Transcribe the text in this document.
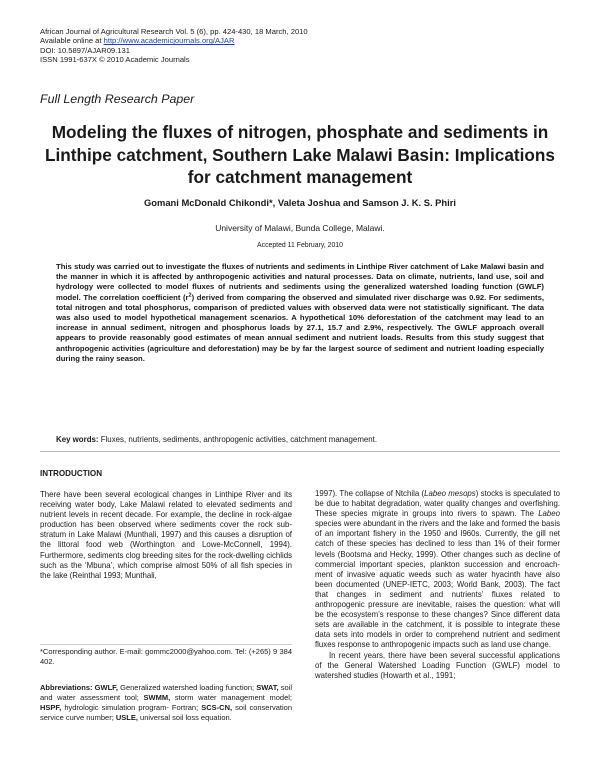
African Journal of Agricultural Research Vol. 5 (6), pp. 424-430, 18 March, 2010
Available online at http://www.academicjournals.org/AJAR
DOI: 10.5897/AJAR09.131
ISSN 1991-637X © 2010 Academic Journals
Full Length Research Paper
Modeling the fluxes of nitrogen, phosphate and sediments in Linthipe catchment, Southern Lake Malawi Basin: Implications for catchment management
Gomani McDonald Chikondi*, Valeta Joshua and Samson J. K. S. Phiri
University of Malawi, Bunda College, Malawi.
Accepted 11 February, 2010
This study was carried out to investigate the fluxes of nutrients and sediments in Linthipe River catchment of Lake Malawi basin and the manner in which it is affected by anthropogenic activities and natural processes. Data on climate, nutrients, land use, soil and hydrology were collected to model fluxes of nutrients and sediments using the generalized watershed loading function (GWLF) model. The correlation coefficient $(r^2)$ derived from comparing the observed and simulated river discharge was 0.92. For sediments, total nitrogen and total phosphorus, comparison of predicted values with observed data were not statistically significant. The data was also used to model hypothetical management scenarios. A hypothetical 10% deforestation of the catchment may lead to an increase in annual sediment, nitrogen and phosphorus loads by 27.1, 15.7 and 2.9%, respectively. The GWLF approach overall appears to provide reasonably good estimates of mean annual sediment and nutrient loads. Results from this study suggest that anthropogenic activities (agriculture and deforestation) may be by far the largest source of sediment and nutrient loading especially during the rainy season.
Key words: Fluxes, nutrients, sediments, anthropogenic activities, catchment management.
INTRODUCTION

There have been several ecological changes in Linthipe River and its receiving water body, Lake Malawi related to elevated sediments and nutrient levels in recent decade. For example, the decline in rock-algae production has been observed where sediments cover the rock sub-stratum in Lake Malawi (Munthali, 1997) and this causes a disruption of the littoral food web (Worthington and Lowe-McConnell, 1994). Furthermore, sediments clog breeding sites for the rock-dwelling cichlids such as the ‘Mbuna’, which comprise almost 50% of all fish species in the lake (Reinthal 1993; Munthali,

*Corresponding author. E-mail: gommc2000@yahoo.com. Tel: (+265) 9 384 402.
Abbreviations: GWLF, Generalized watershed loading function; SWAT, soil and water assessment tool; SWMM, storm water management model; HSPF, hydrologic simulation program- Fortran; SCS-CN, soil conservation service curve number; USLE, universal soil loss equation.

1997). The collapse of Ntchila (Labeo mesops) stocks is speculated to be due to habitat degradation, water quality changes and overfishing. These species migrate in groups into rivers to spawn. The Labeo species were abundant in the rivers and the lake and formed the basis of an important fishery in the 1950 and l960s. Currently, the gill net catch of these species has declined to less than 1% of their former levels (Bootsma and Hecky, 1999). Other changes such as decline of commercial important species, plankton succession and encroach-ment of invasive aquatic weeds such as water hyacinth have also been documented (UNEP-IETC, 2003; World Bank, 2003). The fact that changes in sediment and nutrients’ fluxes related to anthropogenic pressure are inevitable, raises the question: what will be the ecosystem’s response to these changes? Since different data sets are available in the catchment, it is possible to integrate these data sets into models in order to comprehend nutrient and sediment fluxes response to anthropogenic impacts such as land use change.

In recent years, there have been several successful applications of the General Watershed Loading Function (GWLF) model to watershed studies (Howarth et al., 1991;
